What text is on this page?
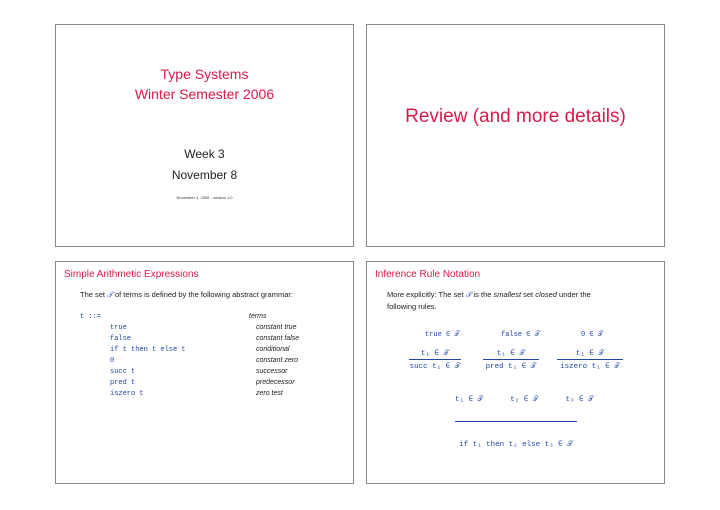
Type Systems
Winter Semester 2006
Week 3
November 8
November 1, 2006 - version 1.0
Review (and more details)
Simple Arithmetic Expressions
The set 𝒯 of terms is defined by the following abstract grammar:
t ::=	terms
true	constant true
false	constant false
if t then t else t	conditional
0	constant zero
succ t	successor
pred t	predecessor
iszero t	zero test
Inference Rule Notation
More explicitly: The set 𝒯 is the smallest set closed under the
following rules.
true ∈ 𝒯	false ∈ 𝒯	0 ∈ 𝒯
t₁ ∈ 𝒯
succ t₁ ∈ 𝒯
t₁ ∈ 𝒯
pred t₁ ∈ 𝒯
t₁ ∈ 𝒯
iszero t₁ ∈ 𝒯

t₁ ∈ 𝒯      t₂ ∈ 𝒯      t₃ ∈ 𝒯

if t₁ then t₂ else t₃ ∈ 𝒯
